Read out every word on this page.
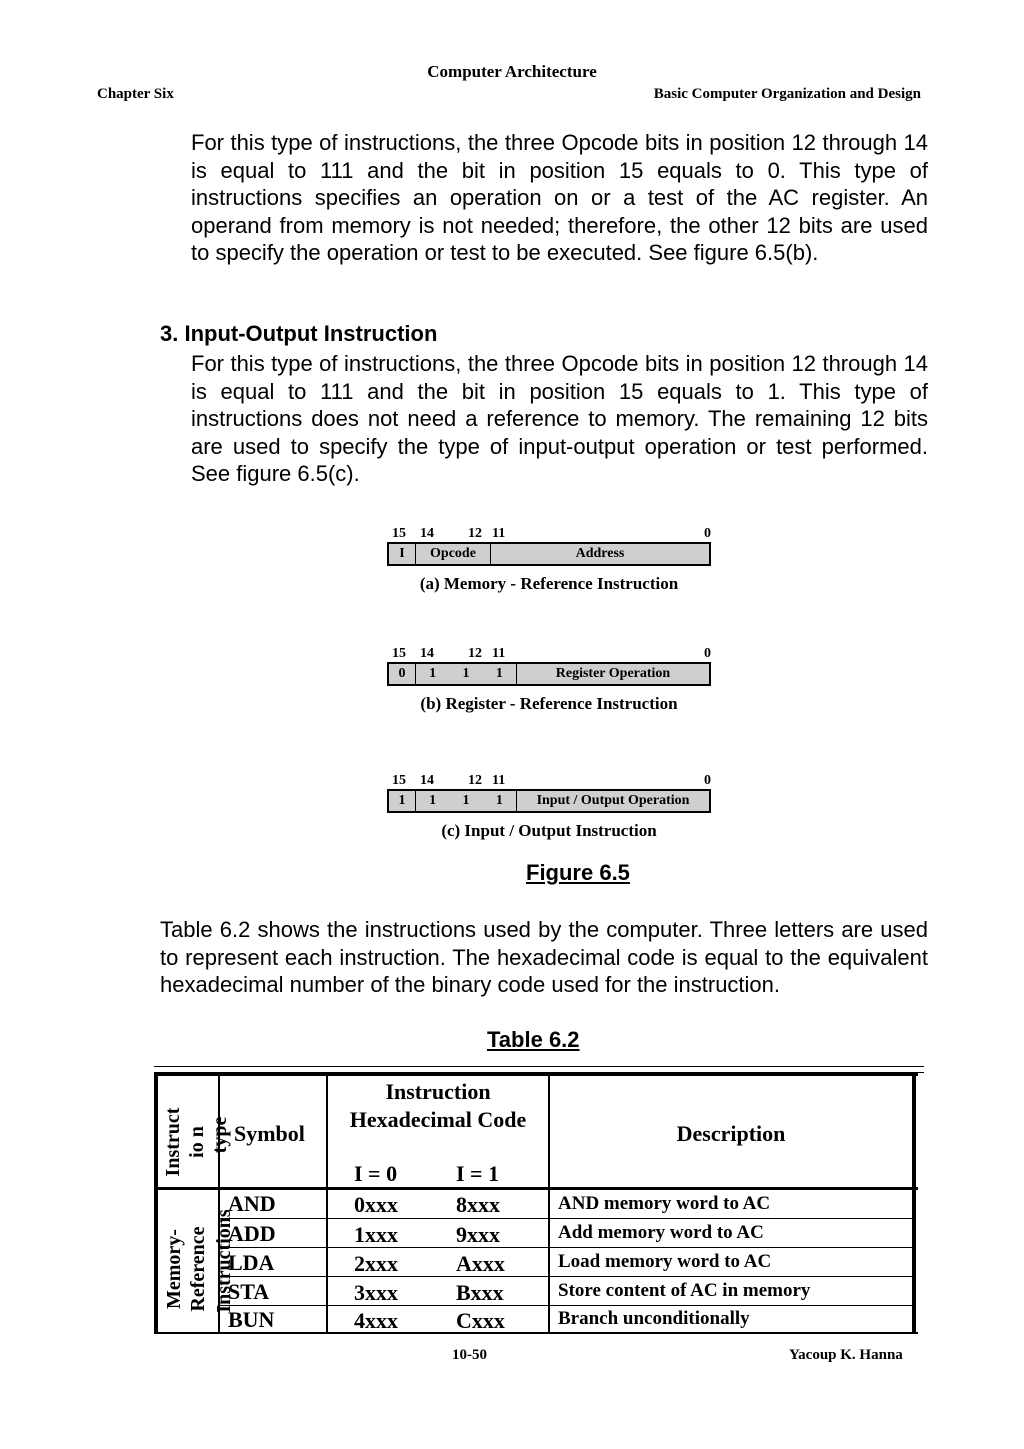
Computer Architecture
Chapter Six	Basic Computer Organization and Design
For this type of instructions, the three Opcode bits in position 12 through 14 is equal to 111 and the bit in position 15 equals to 0. This type of instructions specifies an operation on or a test of the AC register. An operand from memory is not needed; therefore, the other 12 bits are used to specify the operation or test to be executed. See figure 6.5(b).
3. Input-Output Instruction
For this type of instructions, the three Opcode bits in position 12 through 14 is equal to 111 and the bit in position 15 equals to 1. This type of instructions does not need a reference to memory. The remaining 12 bits are used to specify the type of input-output operation or test performed. See figure 6.5(c).
15 14 12 11	0
I	Opcode	Address
(a) Memory - Reference Instruction
15 14 12 11	0
0	1 1 1	Register Operation
(b) Register - Reference Instruction
15 14 12 11	0
1	1 1 1	Input / Output Operation
(c) Input / Output Instruction
Figure 6.5
Table 6.2 shows the instructions used by the computer. Three letters are used to represent each instruction. The hexadecimal code is equal to the equivalent hexadecimal number of the binary code used for the instruction.
Table 6.2
Instruct io n type Symbol
Instruction
Hexadecimal Code
I = 0	I = 1
Description
Memory- Reference Instructions
AND	0xxx	8xxx	AND memory word to AC
ADD	1xxx	9xxx	Add memory word to AC
LDA	2xxx	Axxx	Load memory word to AC
STA	3xxx	Bxxx	Store content of AC in memory
BUN	4xxx	Cxxx	Branch unconditionally
10-50	Yacoup K. Hanna
